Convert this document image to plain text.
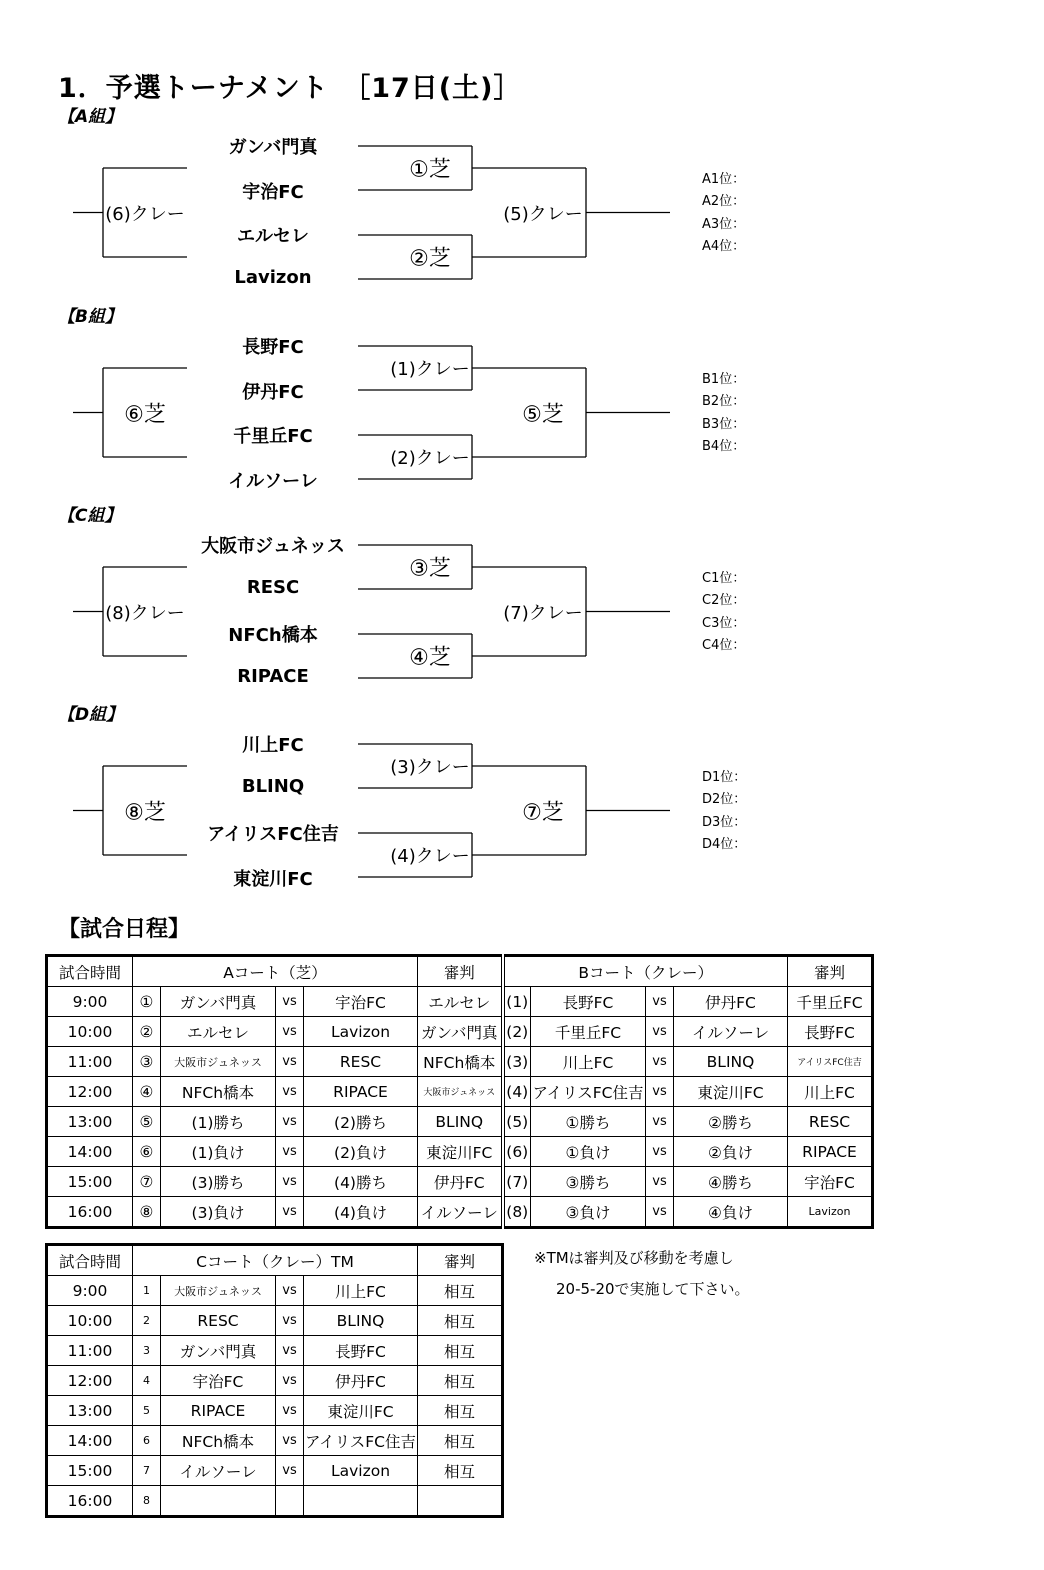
1．予選トーナメント　［17日(土)］
【A組】
ガンバ門真
宇治FC
エルセレ
Lavizon
①芝
②芝
(5)クレー
(6)クレー
A1位：
A2位：
A3位：
A4位：
【B組】
長野FC
伊丹FC
千里丘FC
イルソーレ
(1)クレー
(2)クレー
⑤芝
⑥芝
B1位：
B2位：
B3位：
B4位：
【C組】
大阪市ジュネッス
RESC
NFCh橋本
RIPACE
③芝
④芝
(7)クレー
(8)クレー
C1位：
C2位：
C3位：
C4位：
【D組】
川上FC
BLINQ
アイリスFC住吉
東淀川FC
(3)クレー
(4)クレー
⑦芝
⑧芝
D1位：
D2位：
D3位：
D4位：
【試合日程】
試合時間	Aコート（芝）				審判	Bコート（クレー）				審判
9:00	①	ガンバ門真	vs	宇治FC	エルセレ	(1)	長野FC	vs	伊丹FC	千里丘FC
10:00	②	エルセレ	vs	Lavizon	ガンバ門真	(2)	千里丘FC	vs	イルソーレ	長野FC
11:00	③	大阪市ジュネッス	vs	RESC	NFCh橋本	(3)	川上FC	vs	BLINQ	アイリスFC住吉
12:00	④	NFCh橋本	vs	RIPACE	大阪市ジュネッス	(4)	アイリスFC住吉	vs	東淀川FC	川上FC
13:00	⑤	(1)勝ち	vs	(2)勝ち	BLINQ	(5)	①勝ち	vs	②勝ち	RESC
14:00	⑥	(1)負け	vs	(2)負け	東淀川FC	(6)	①負け	vs	②負け	RIPACE
15:00	⑦	(3)勝ち	vs	(4)勝ち	伊丹FC	(7)	③勝ち	vs	④勝ち	宇治FC
16:00	⑧	(3)負け	vs	(4)負け	イルソーレ	(8)	③負け	vs	④負け	Lavizon
試合時間	Cコート（クレー）TM				審判
9:00	1	大阪市ジュネッス	vs	川上FC	相互
10:00	2	RESC	vs	BLINQ	相互
11:00	3	ガンバ門真	vs	長野FC	相互
12:00	4	宇治FC	vs	伊丹FC	相互
13:00	5	RIPACE	vs	東淀川FC	相互
14:00	6	NFCh橋本	vs	アイリスFC住吉	相互
15:00	7	イルソーレ	vs	Lavizon	相互
16:00	8				
※TMは審判及び移動を考慮し
20-5-20で実施して下さい。
